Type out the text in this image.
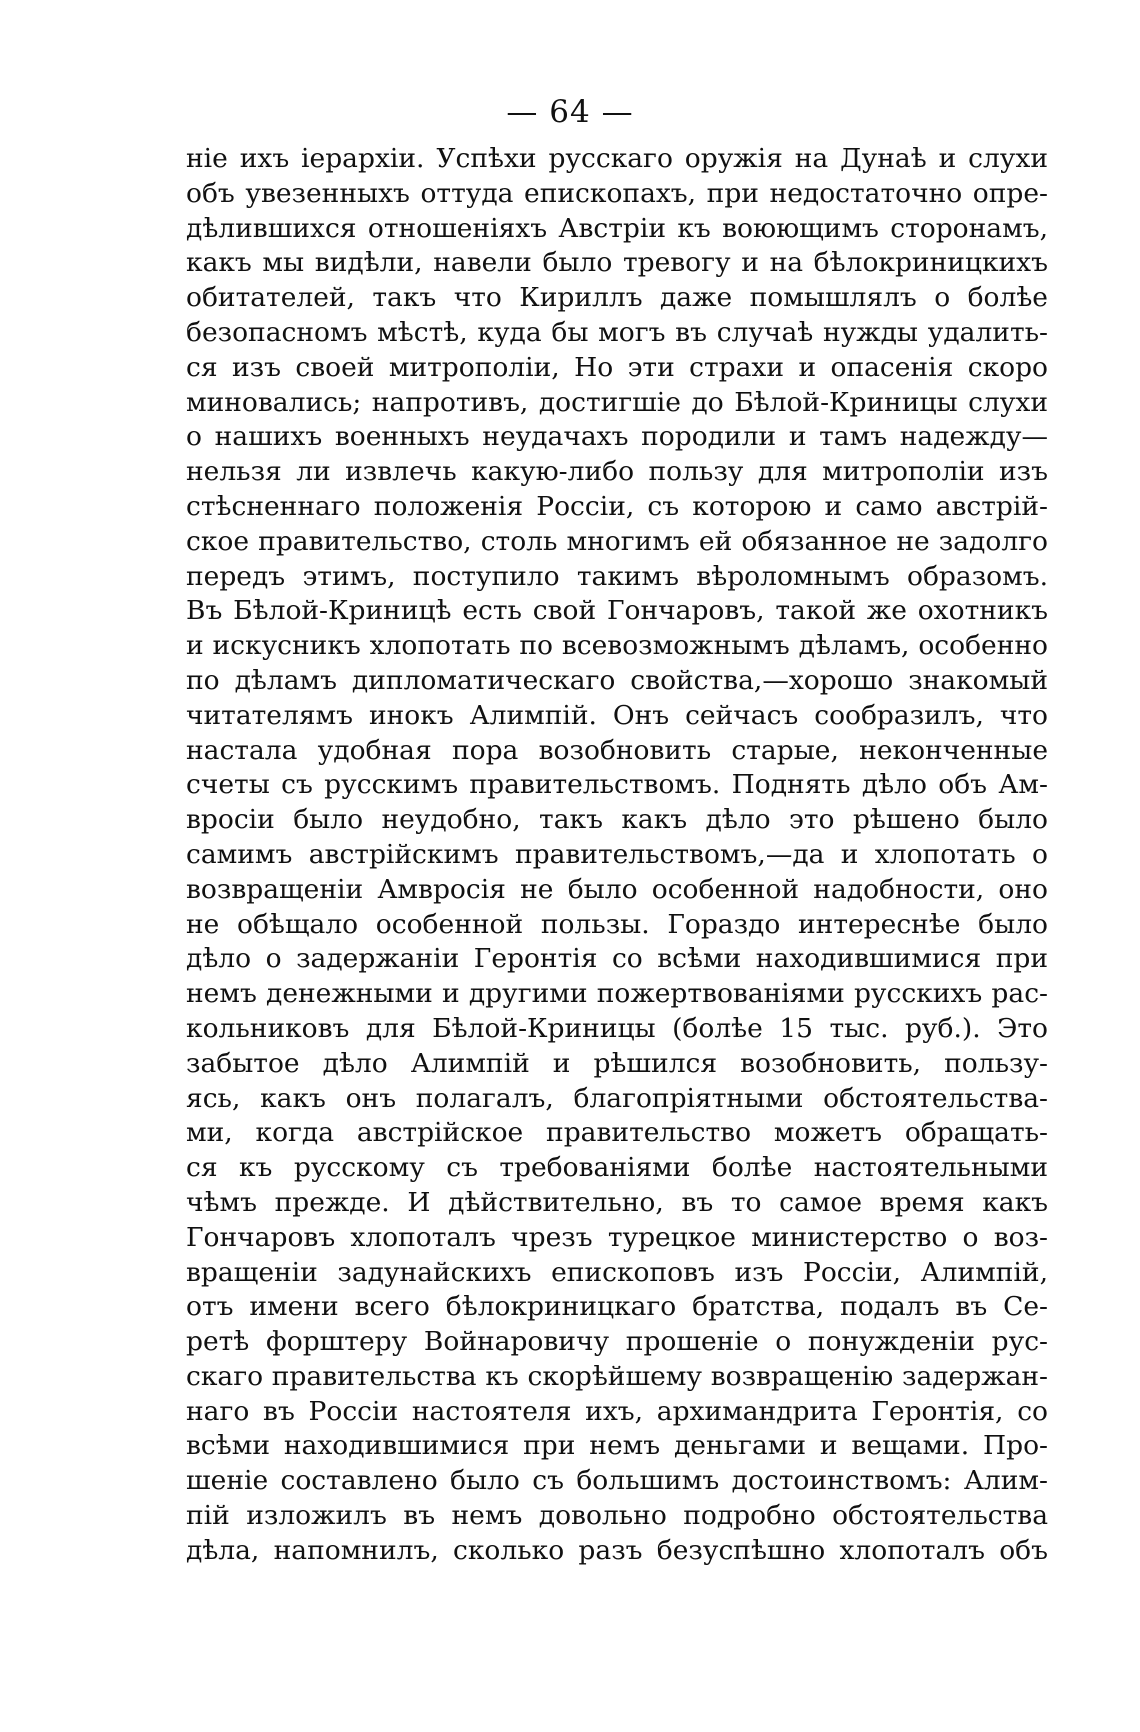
— 64 —
ніе ихъ іерархіи. Успѣхи русскаго оружія на Дунаѣ и слухи
объ увезенныхъ оттуда епископахъ, при недостаточно опре-
дѣлившихся отношеніяхъ Австріи къ воюющимъ сторонамъ,
какъ мы видѣли, навели было тревогу и на бѣлокриницкихъ
обитателей, такъ что Кириллъ даже помышлялъ о болѣе
безопасномъ мѣстѣ, куда бы могъ въ случаѣ нужды удалить-
ся изъ своей митрополіи, Но эти страхи и опасенія скоро
миновались; напротивъ, достигшіе до Бѣлой-Криницы слухи
о нашихъ военныхъ неудачахъ породили и тамъ надежду—
нельзя ли извлечь какую-либо пользу для митрополіи изъ
стѣсненнаго положенія Россіи, съ которою и само австрій-
ское правительство, столь многимъ ей обязанное не задолго
передъ этимъ, поступило такимъ вѣроломнымъ образомъ.
Въ Бѣлой-Криницѣ есть свой Гончаровъ, такой же охотникъ
и искусникъ хлопотать по всевозможнымъ дѣламъ, особенно
по дѣламъ дипломатическаго свойства,—хорошо знакомый
читателямъ инокъ Алимпій. Онъ сейчасъ сообразилъ, что
настала удобная пора возобновить старые, неконченные
счеты съ русскимъ правительствомъ. Поднять дѣло объ Ам-
вросіи было неудобно, такъ какъ дѣло это рѣшено было
самимъ австрійскимъ правительствомъ,—да и хлопотать о
возвращеніи Амвросія не было особенной надобности, оно
не обѣщало особенной пользы. Гораздо интереснѣе было
дѣло о задержаніи Геронтія со всѣми находившимися при
немъ денежными и другими пожертвованіями русскихъ рас-
кольниковъ для Бѣлой-Криницы (болѣе 15 тыс. руб.). Это
забытое дѣло Алимпій и рѣшился возобновить, пользу-
ясь, какъ онъ полагалъ, благопріятными обстоятельства-
ми, когда австрійское правительство можетъ обращать-
ся къ русскому съ требованіями болѣе настоятельными
чѣмъ прежде. И дѣйствительно, въ то самое время какъ
Гончаровъ хлопоталъ чрезъ турецкое министерство о воз-
вращеніи задунайскихъ епископовъ изъ Россіи, Алимпій,
отъ имени всего бѣлокриницкаго братства, подалъ въ Се-
ретѣ форштеру Войнаровичу прошеніе о понужденіи рус-
скаго правительства къ скорѣйшему возвращенію задержан-
наго въ Россіи настоятеля ихъ, архимандрита Геронтія, со
всѣми находившимися при немъ деньгами и вещами. Про-
шеніе составлено было съ большимъ достоинствомъ: Алим-
пій изложилъ въ немъ довольно подробно обстоятельства
дѣла, напомнилъ, сколько разъ безуспѣшно хлопоталъ объ
